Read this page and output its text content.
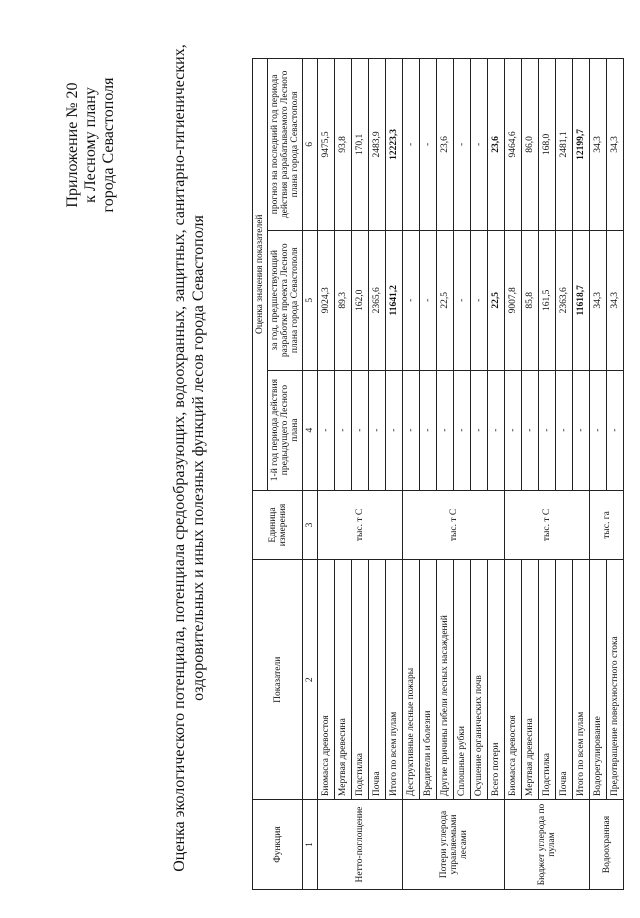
Приложение № 20 к Лесному плану города Севастополя	Оценка экологического потенциала, потенциала средообразующих, водоохранных, защитных, санитарно-гигиенических, оздоровительных и иных полезных функций лесов города Севастополя
Функция	Показатели	Единица измерения	Оценка значения показателей		
			1-й год периода действия предыдущего Лесного плана	за год, предшествующий разработке проекта Лесного плана города Севастополя	прогноз на последний год периода действия разрабатываемого Лесного плана города Севастополя
1	2	3	4	5	6
Нетто-поглощение	Биомасса древостоя	тыс. т С	-	9024,3	9475,5
	Мертвая древесина		-	89,3	93,8
	Подстилка		-	162,0	170,1
	Почва		-	2365,6	2483,9
	Итого по всем пулам		-	11641,2	12223,3
Потери углерода управляемыми лесами	Деструктивные лесные пожары	тыс. т С	-	-	-
	Вредители и болезни		-	-	-
	Другие причины гибели лесных насаждений		-	22,5	23,6
	Сплошные рубки		-	-	-
	Осушение органических почв		-	-	-
	Всего потери		-	22,5	23,6
Бюджет углерода по пулам	Биомасса древостоя	тыс. т С	-	9007,8	9464,6
	Мертвая древесина		-	85,8	86,0
	Подстилка		-	161,5	168,0
	Почва		-	2363,6	2481,1
	Итого по всем пулам		-	11618,7	12199,7
Водоохранная	Водорегулирование	тыс. га	-	34,3	34,3
	Предотвращение поверхностного стока		-	34,3	34,3
